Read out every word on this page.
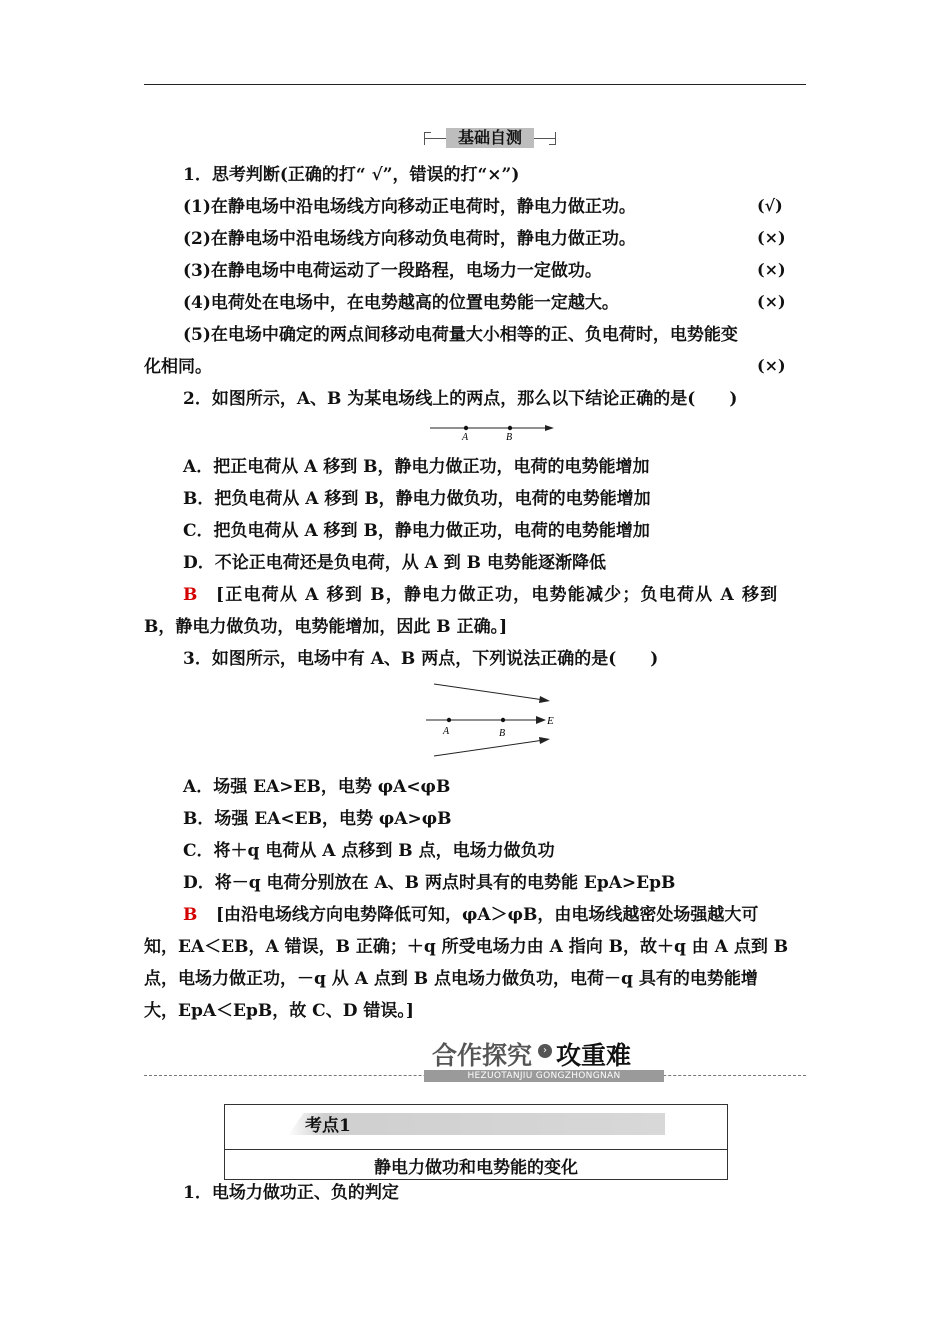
基础自测
1．思考判断(正确的打“ √”，错误的打“×”)
(1)在静电场中沿电场线方向移动正电荷时，静电力做正功。	(√)
(2)在静电场中沿电场线方向移动负电荷时，静电力做正功。	(×)
(3)在静电场中电荷运动了一段路程，电场力一定做功。	(×)
(4)电荷处在电场中，在电势越高的位置电势能一定越大。	(×)
(5)在电场中确定的两点间移动电荷量大小相等的正、负电荷时，电势能变
化相同。	(×)
2．如图所示，A、B 为某电场线上的两点，那么以下结论正确的是(　　)
A	B
A．把正电荷从 A 移到 B，静电力做正功，电荷的电势能增加
B．把负电荷从 A 移到 B，静电力做负功，电荷的电势能增加
C．把负电荷从 A 移到 B，静电力做正功，电荷的电势能增加
D．不论正电荷还是负电荷，从 A 到 B 电势能逐渐降低
B [正电荷从 A 移到 B，静电力做正功，电势能减少；负电荷从 A 移到
B，静电力做负功，电势能增加，因此 B 正确。]
3．如图所示，电场中有 A、B 两点，下列说法正确的是(　　)
A	B
E
A．场强 EA>EB，电势 φA<φB
B．场强 EA<EB，电势 φA>φB
C．将＋q 电荷从 A 点移到 B 点，电场力做负功
D．将－q 电荷分别放在 A、B 两点时具有的电势能 EpA>EpB
B [由沿电场线方向电势降低可知，φA＞φB，由电场线越密处场强越大可
知，EA＜EB，A 错误，B 正确；＋q 所受电场力由 A 指向 B，故＋q 由 A 点到 B
点，电场力做正功，－q 从 A 点到 B 点电场力做负功，电荷－q 具有的电势能增
大，EpA＜EpB，故 C、D 错误。]
合作探究	› 攻重难
HEZUOTANJIU GONGZHONGNAN
考点1
静电力做功和电势能的变化
1．电场力做功正、负的判定
